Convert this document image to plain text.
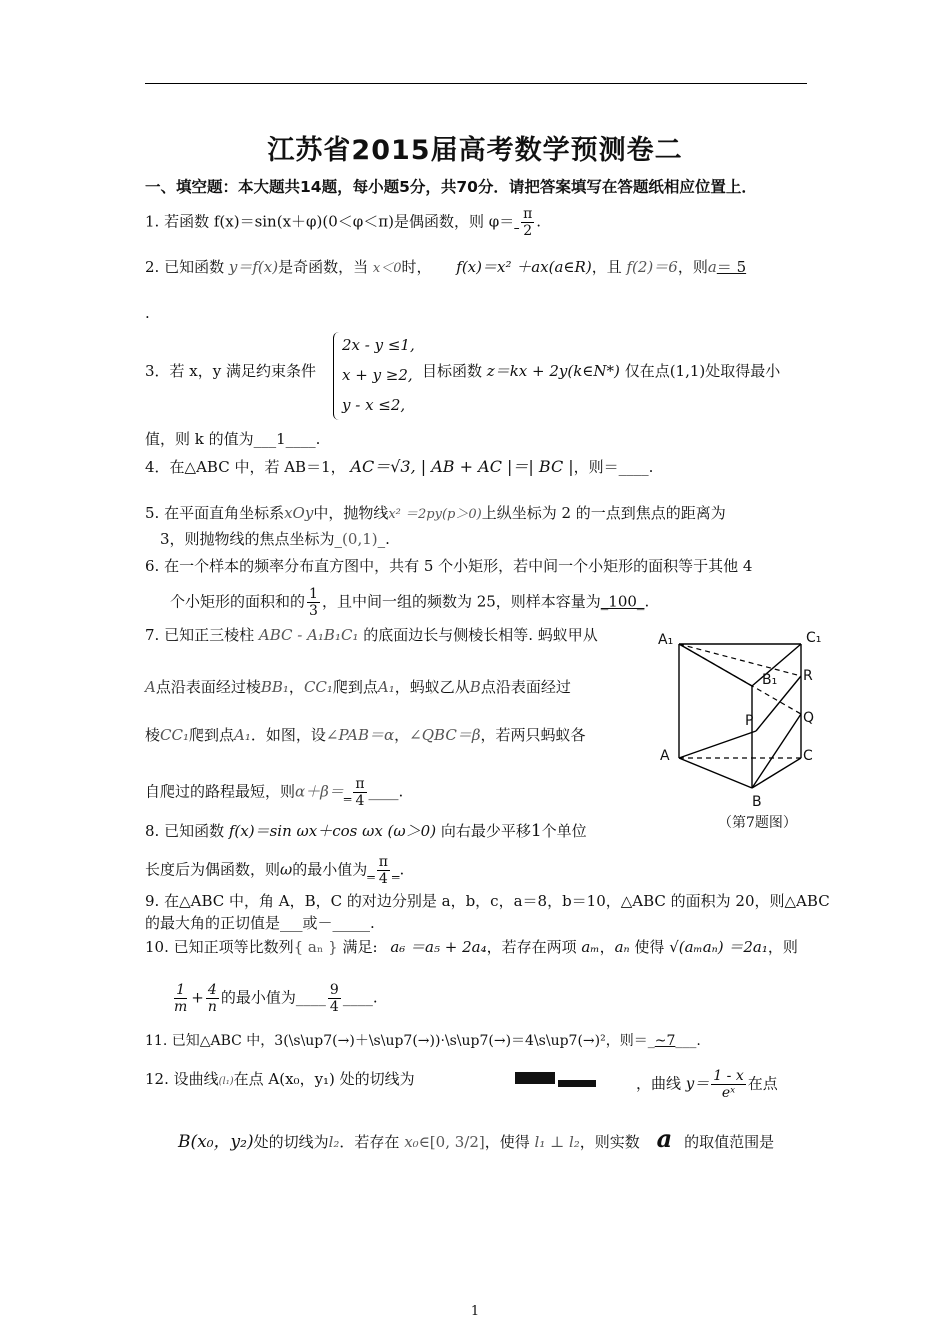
江苏省2015届高考数学预测卷二
一、填空题：本大题共14题，每小题5分，共70分．请把答案填写在答题纸相应位置上．
1. 若函数 f(x)＝sin(x＋φ)(0＜φ＜π)是偶函数，则 $\varphi= \frac{\pi}{2}$ .
2. 已知函数 y＝f(x)是奇函数，当 x＜0时， f(x)＝x² ＋ax(a∈R)，且 f(2)＝6，则a＝ 5
.
3．若 x，y 满足约束条件
2x - y ≤1,
x + y ≥2,
y - x ≤2,
目标函数 z＝kx + 2y(k∈N*) 仅在点(1,1)处取得最小
值，则 k 的值为___1____.
4．在△ABC 中，若 AB＝1， AC＝√3, | AB + AC |＝| BC |，则＝____.
5. 在平面直角坐标系xOy中，抛物线x² ＝2py(p＞0)上纵坐标为 2 的一点到焦点的距离为
3，则抛物线的焦点坐标为_(0,1)_.
6. 在一个样本的频率分布直方图中，共有 5 个小矩形，若中间一个小矩形的面积等于其他 4
个小矩形的面积和的 $\frac{1}{3}$ ，且中间一组的频数为 25，则样本容量为_100_.
7. 已知正三棱柱 ABC - A₁B₁C₁ 的底面边长与侧棱长相等. 蚂蚁甲从
A点沿表面经过棱BB₁，CC₁爬到点A₁，蚂蚁乙从B点沿表面经过
棱CC₁爬到点A₁．如图，设∠PAB＝α，∠QBC＝β，若两只蚂蚁各
自爬过的路程最短，则α＋β＝_ $\frac{\pi}{4}$ ____.
A₁	C₁
B₁ R
Q
P
A	C
B
（第7题图）
8. 已知函数 f(x)＝sin ωx＋cos ωx (ω＞0) 向右最少平移1个单位
长度后为偶函数，则ω的最小值为_ $\frac{\pi}{4}$ _.
9. 在△ABC 中，角 A，B，C 的对边分别是 a，b，c，a＝8，b＝10，△ABC 的面积为 20，则△ABC
的最大角的正切值是___或－_____.
10. 已知正项等比数列{ aₙ } 满足: a₆ ＝a₅ + 2a₄，若存在两项 aₘ，aₙ 使得 √(aₘaₙ) ＝2a₁，则
$\frac{1}{m} + \frac{4}{n}$ 的最小值为____ $\frac{9}{4}$ ____.
11. 已知△ABC 中，3(\s\up7(→)＋\s\up7(→))·\s\up7(→)＝4\s\up7(→)²，则＝_~7___.
12. 设曲线(l₁)在点 A(x₀，y₁) 处的切线为	，曲线 $y= \frac{1 - x}{\text{eˣ}}$ 在点
B(x₀，y₂)处的切线为l₂．若存在 x₀∈[0, 3/2]，使得 l₁ ⊥ l₂，则实数 a 的取值范围是
1
